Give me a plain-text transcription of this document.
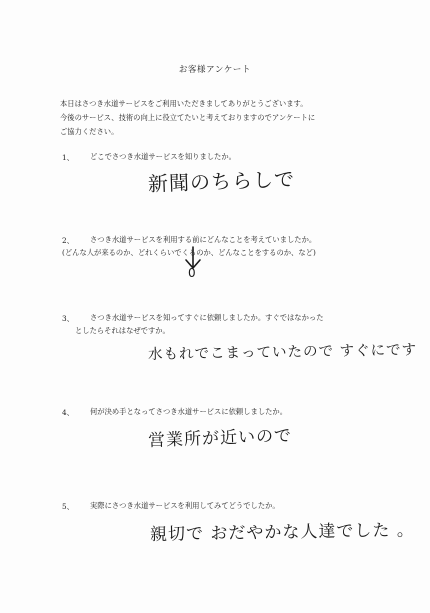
お客様アンケート
本日はさつき水道サービスをご利用いただきましてありがとうございます。
今後のサービス、技術の向上に役立てたいと考えておりますのでアンケートに
ご協力ください。
1、 どこでさつき水道サービスを知りましたか。
新聞のちらしで
2、 さつき水道サービスを利用する前にどんなことを考えていましたか。
(どんな人が来るのか、どれくらいでくるのか、どんなことをするのか、など)
0
3、 さつき水道サービスを知ってすぐに依頼しましたか。すぐではなかった
としたらそれはなぜですか。
水もれでこまっていたので すぐにです
4、 何が決め手となってさつき水道サービスに依頼しましたか。
営業所が近いので
5、 実際にさつき水道サービスを利用してみてどうでしたか。
親切で おだやかな人達でした 。
